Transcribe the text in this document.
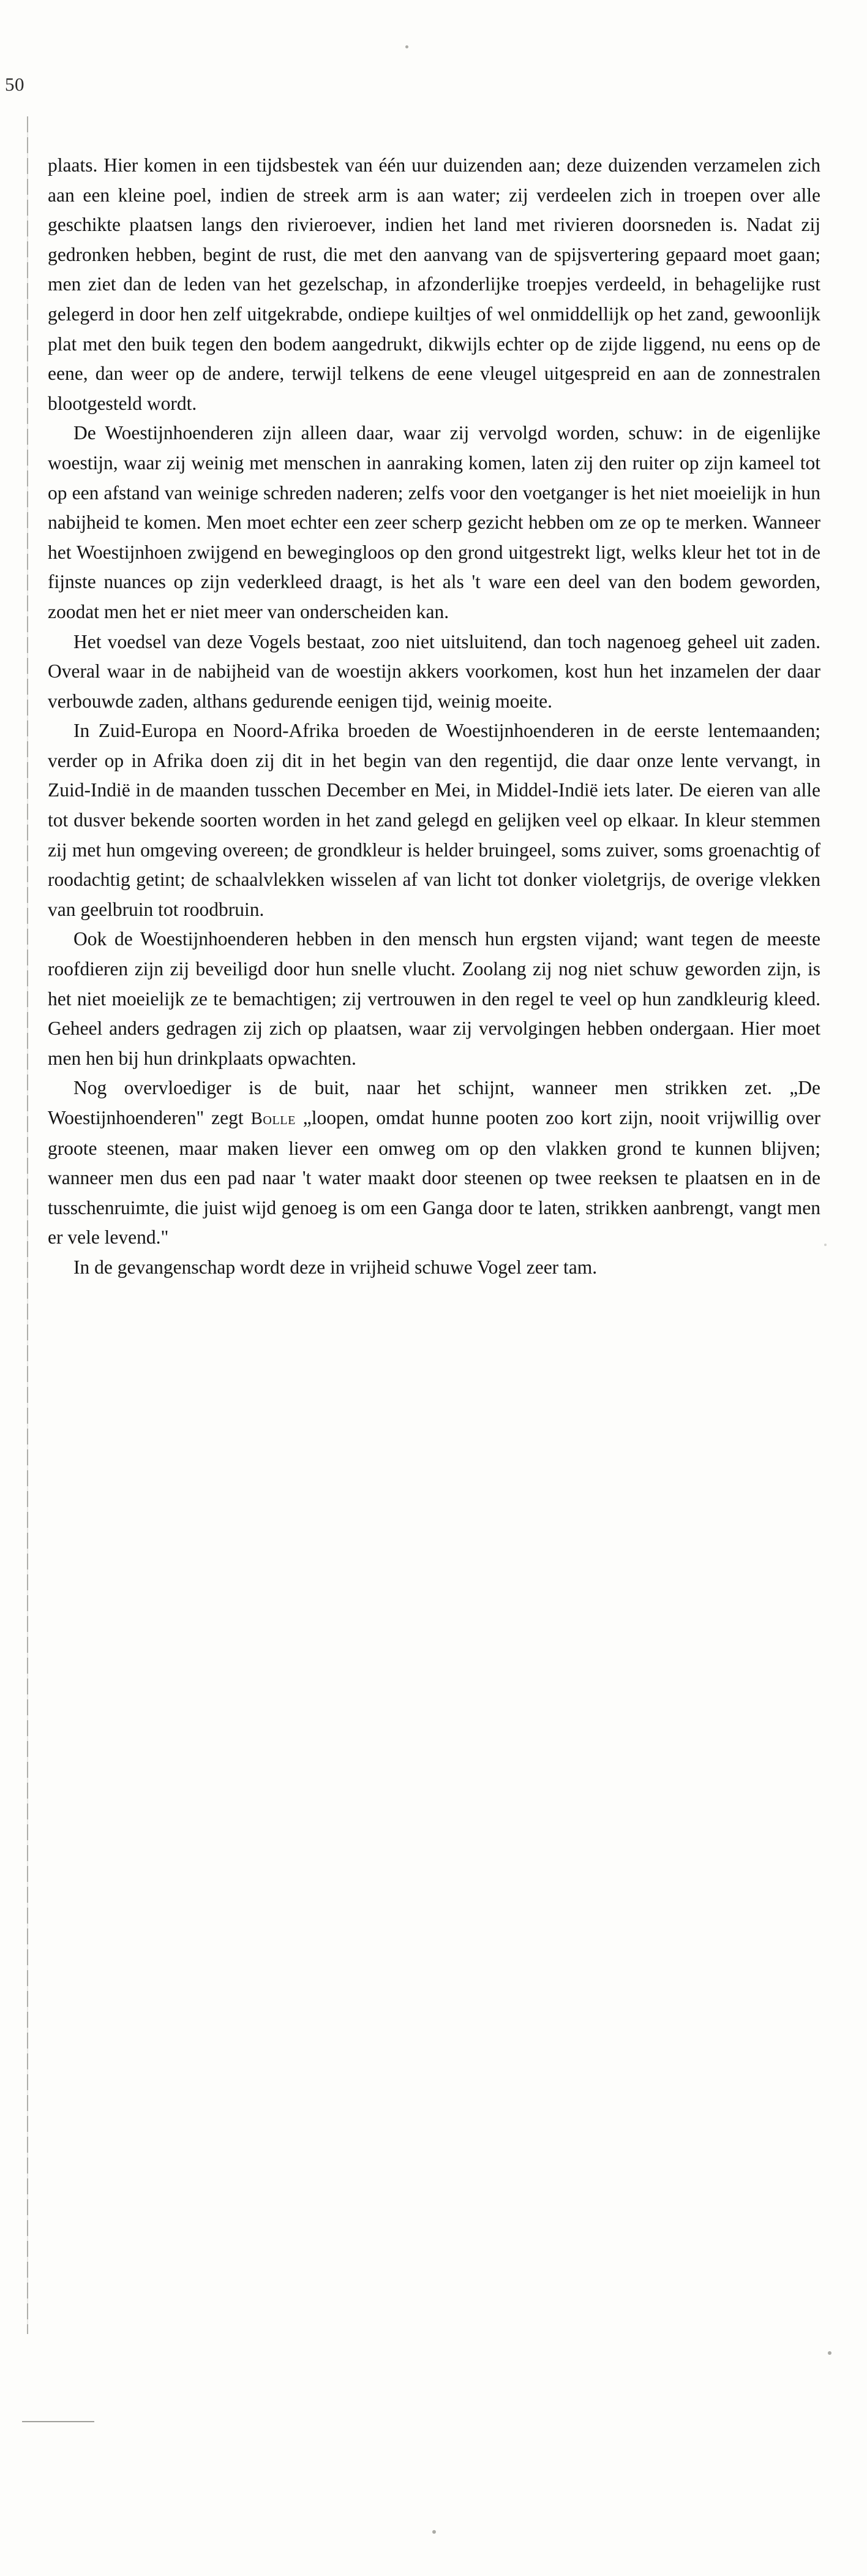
50

plaats. Hier komen in een tijdsbestek van één uur duizenden aan; deze duizenden verzamelen zich aan een kleine poel, indien de streek arm is aan water; zij verdeelen zich in troepen over alle geschikte plaatsen langs den rivieroever, indien het land met rivieren doorsneden is. Nadat zij gedronken hebben, begint de rust, die met den aanvang van de spijsvertering gepaard moet gaan; men ziet dan de leden van het gezelschap, in afzonderlijke troepjes verdeeld, in behagelijke rust gelegerd in door hen zelf uitgekrabde, ondiepe kuiltjes of wel onmiddellijk op het zand, gewoonlijk plat met den buik tegen den bodem aangedrukt, dikwijls echter op de zijde liggend, nu eens op de eene, dan weer op de andere, terwijl telkens de eene vleugel uitgespreid en aan de zonnestralen blootgesteld wordt.

De Woestijnhoenderen zijn alleen daar, waar zij vervolgd worden, schuw: in de eigenlijke woestijn, waar zij weinig met menschen in aanraking komen, laten zij den ruiter op zijn kameel tot op een afstand van weinige schreden naderen; zelfs voor den voetganger is het niet moeielijk in hun nabijheid te komen. Men moet echter een zeer scherp gezicht hebben om ze op te merken. Wanneer het Woestijnhoen zwijgend en bewegingloos op den grond uitgestrekt ligt, welks kleur het tot in de fijnste nuances op zijn vederkleed draagt, is het als 't ware een deel van den bodem geworden, zoodat men het er niet meer van onderscheiden kan.

Het voedsel van deze Vogels bestaat, zoo niet uitsluitend, dan toch nagenoeg geheel uit zaden. Overal waar in de nabijheid van de woestijn akkers voorkomen, kost hun het inzamelen der daar verbouwde zaden, althans gedurende eenigen tijd, weinig moeite.

In Zuid-Europa en Noord-Afrika broeden de Woestijnhoenderen in de eerste lentemaanden; verder op in Afrika doen zij dit in het begin van den regentijd, die daar onze lente vervangt, in Zuid-Indië in de maanden tusschen December en Mei, in Middel-Indië iets later. De eieren van alle tot dusver bekende soorten worden in het zand gelegd en gelijken veel op elkaar. In kleur stemmen zij met hun omgeving overeen; de grondkleur is helder bruingeel, soms zuiver, soms groenachtig of roodachtig getint; de schaalvlekken wisselen af van licht tot donker violetgrijs, de overige vlekken van geelbruin tot roodbruin.

Ook de Woestijnhoenderen hebben in den mensch hun ergsten vijand; want tegen de meeste roofdieren zijn zij beveiligd door hun snelle vlucht. Zoolang zij nog niet schuw geworden zijn, is het niet moeielijk ze te bemachtigen; zij vertrouwen in den regel te veel op hun zandkleurig kleed. Geheel anders gedragen zij zich op plaatsen, waar zij vervolgingen hebben ondergaan. Hier moet men hen bij hun drinkplaats opwachten.

Nog overvloediger is de buit, naar het schijnt, wanneer men strikken zet. „De Woestijnhoenderen" zegt Bolle „loopen, omdat hunne pooten zoo kort zijn, nooit vrijwillig over groote steenen, maar maken liever een omweg om op den vlakken grond te kunnen blijven; wanneer men dus een pad naar 't water maakt door steenen op twee reeksen te plaatsen en in de tusschenruimte, die juist wijd genoeg is om een Ganga door te laten, strikken aanbrengt, vangt men er vele levend."

In de gevangenschap wordt deze in vrijheid schuwe Vogel zeer tam.
